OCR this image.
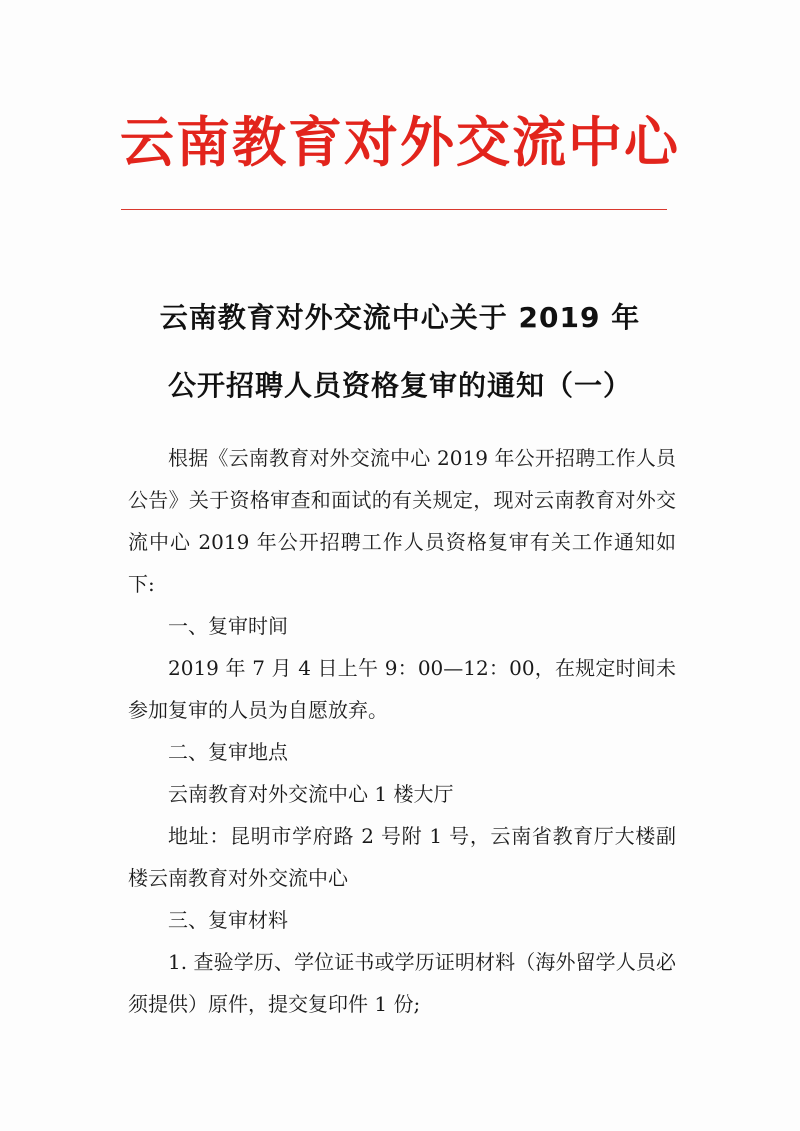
云南教育对外交流中心
云南教育对外交流中心关于 2019 年
公开招聘人员资格复审的通知（一）

根据《云南教育对外交流中心 2019 年公开招聘工作人员公告》关于资格审查和面试的有关规定，现对云南教育对外交流中心 2019 年公开招聘工作人员资格复审有关工作通知如下:

一、复审时间

2019 年 7 月 4 日上午 9：00—12：00，在规定时间未参加复审的人员为自愿放弃。

二、复审地点

云南教育对外交流中心 1 楼大厅

地址：昆明市学府路 2 号附 1 号，云南省教育厅大楼副楼云南教育对外交流中心

三、复审材料

1. 查验学历、学位证书或学历证明材料（海外留学人员必须提供）原件，提交复印件 1 份;
